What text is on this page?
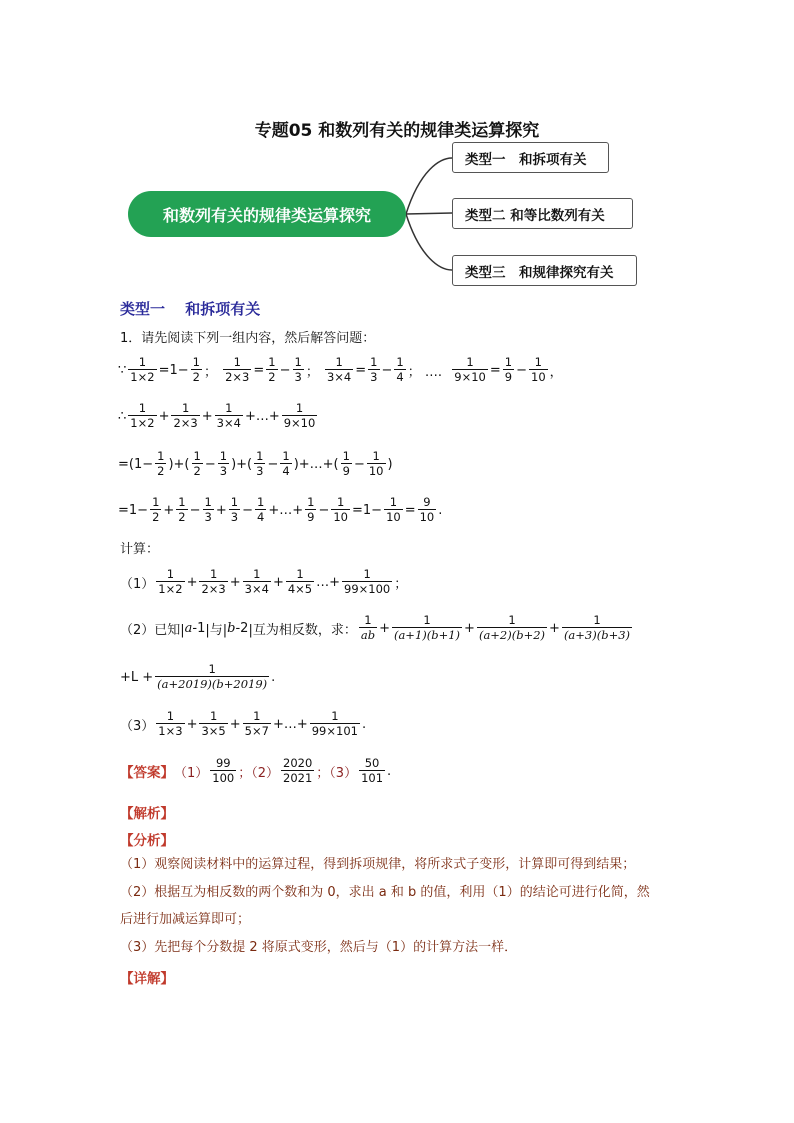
专题05 和数列有关的规律类运算探究
和数列有关的规律类运算探究
类型一　和拆项有关
类型二 和等比数列有关
类型三　和规律探究有关
类型一　 和拆项有关
1．请先阅读下列一组内容，然后解答问题：
∵
1
1×2 =1−
1
2 ；
1
2×3 =
1
2 −
1
3 ；
1
3×4 =
1
3 −
1
4 ； ….
1
9×10 =
1
9 −
1
10 ，
∴
1
1×2 +
1
2×3 +
1
3×4 +…+
1
9×10
=(1−
1
2 )+(
1
2 −
1
3 )+(
1
3 −
1
4 )+…+(
1
9 −
1
10 )
=1−
1
2 +
1
2 −
1
3 +
1
3 −
1
4 +…+
1
9 −
1
10 =1−
1
10 =
9
10 .
计算：
（1）
1
1×2 +
1
2×3 +
1
3×4 +
1
4×5 …+
1
99×100 ；
（2）已知| a -1 |与| b -2 |互为相反数，求：
1
ab +
1
(a+1)(b+1) +
1
(a+2)(b+2) +
1
(a+3)(b+3)
+L +
1
(a+2019)(b+2019) .
（3）
1
1×3 +
1
3×5 +
1
5×7 +…+
1
99×101 .
【答案】 （1）
99
100 ；（2）
2020
2021 ；（3）
50
101 .
【解析】
【分析】
（1）观察阅读材料中的运算过程，得到拆项规律，将所求式子变形，计算即可得到结果；
（2）根据互为相反数的两个数和为 0，求出 a 和 b 的值，利用（1）的结论可进行化简，然
后进行加减运算即可；
（3）先把每个分数提 2 将原式变形，然后与（1）的计算方法一样．
【详解】
